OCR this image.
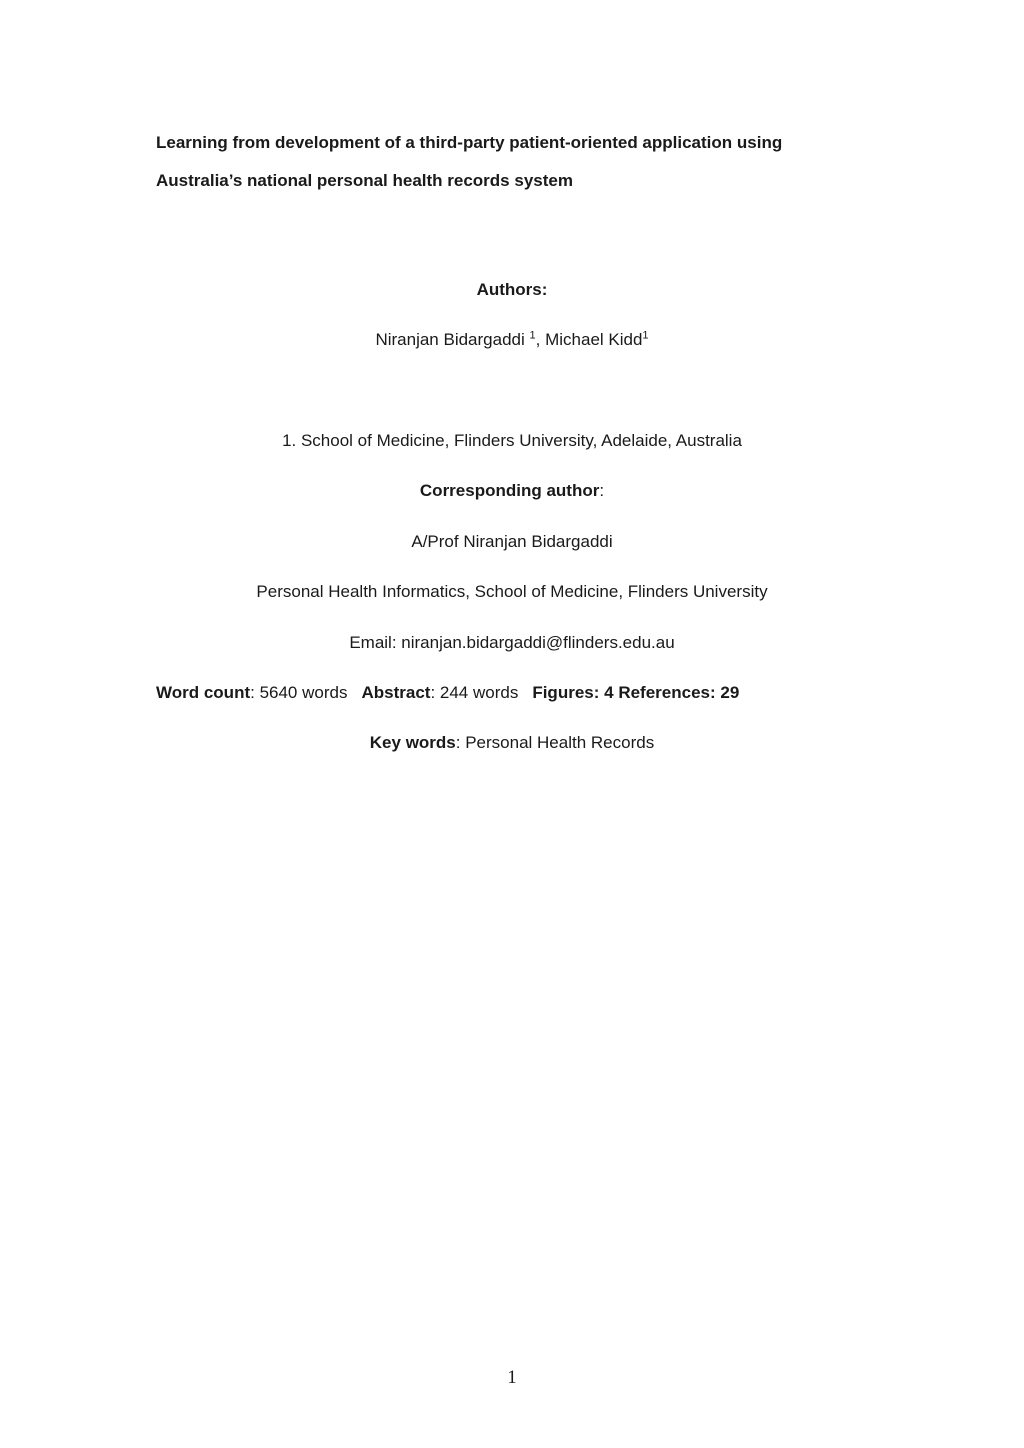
Learning from development of a third-party patient-oriented application using
Australia’s national personal health records system
Authors:
Niranjan Bidargaddi $^1$, Michael Kidd$^1$
1. School of Medicine, Flinders University, Adelaide, Australia
Corresponding author:
A/Prof Niranjan Bidargaddi
Personal Health Informatics, School of Medicine, Flinders University
Email: niranjan.bidargaddi@flinders.edu.au
Word count: 5640 words Abstract: 244 words Figures: 4 References: 29
Key words: Personal Health Records
1
